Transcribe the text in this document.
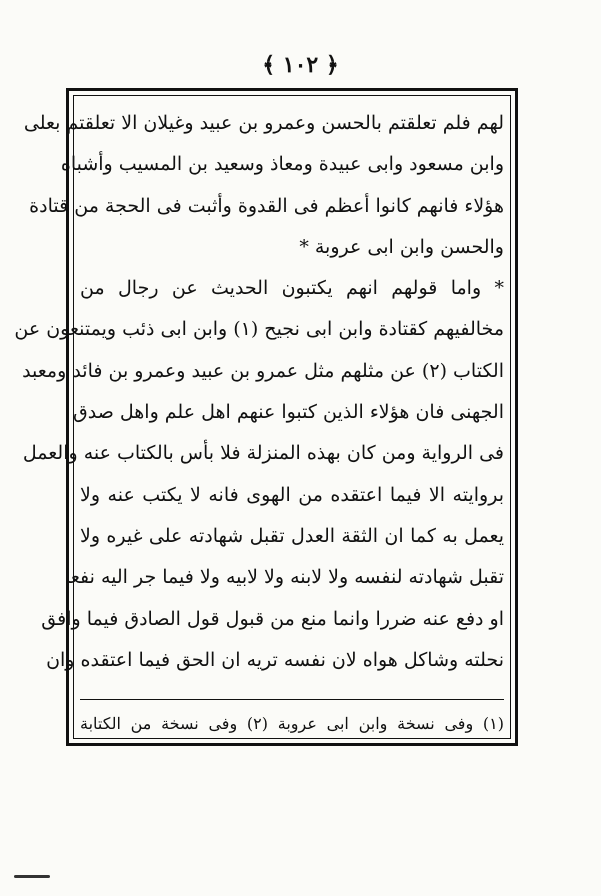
﴿ ١٠٢ ﴾
لهم فلم تعلقتم بالحسن وعمرو بن عبيد وغيلان الا تعلقتم بعلى
وابن مسعود وابى عبيدة ومعاذ وسعيد بن المسيب وأشباه
هؤلاء فانهم كانوا أعظم فى القدوة وأثبت فى الحجة من قتادة
والحسن وابن ابى عروبة *
* واما قولهم انهم يكتبون الحديث عن رجال من
مخالفيهم كقتادة وابن ابى نجيح (١) وابن ابى ذئب ويمتنعون عن
الكتاب (٢) عن مثلهم مثل عمرو بن عبيد وعمرو بن فائد ومعبد
الجهنى فان هؤلاء الذين كتبوا عنهم اهل علم واهل صدق
فى الرواية ومن كان بهذه المنزلة فلا بأس بالكتاب عنه والعمل
بروايته الا فيما اعتقده من الهوى فانه لا يكتب عنه ولا
يعمل به كما ان الثقة العدل تقبل شهادته على غيره ولا
تقبل شهادته لنفسه ولا لابنه ولا لابيه ولا فيما جر اليه نفعا
او دفع عنه ضررا وانما منع من قبول قول الصادق فيما وافق
نحلته وشاكل هواه لان نفسه تريه ان الحق فيما اعتقده وان
(١) وفى نسخة وابن ابى عروبة (٢) وفى نسخة من الكتابة
